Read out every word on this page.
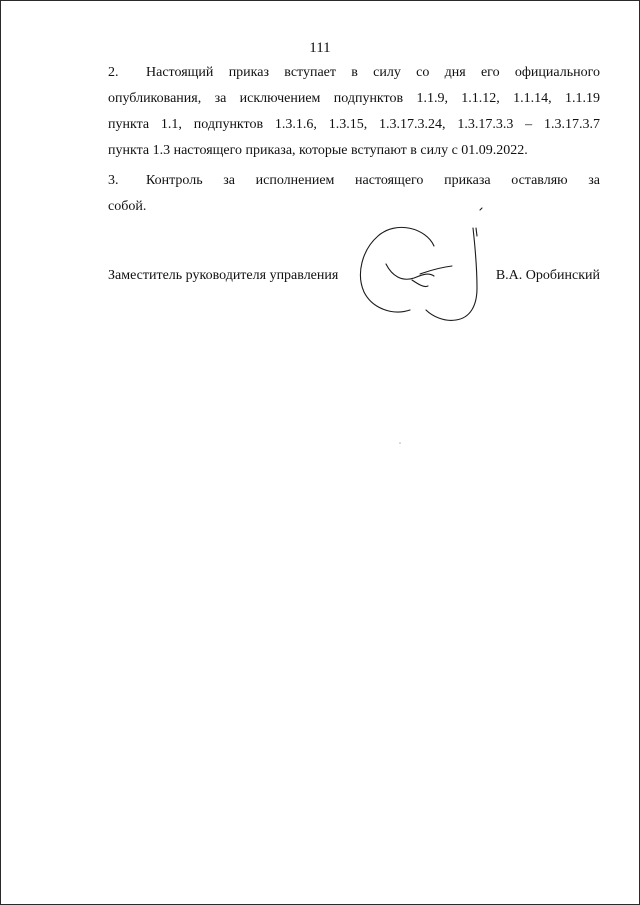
111

2. Настоящий приказ вступает в силу со дня его официального
опубликования, за исключением подпунктов 1.1.9, 1.1.12, 1.1.14, 1.1.19
пункта 1.1, подпунктов 1.3.1.6, 1.3.15, 1.3.17.3.24, 1.3.17.3.3 – 1.3.17.3.7
пункта 1.3 настоящего приказа, которые вступают в силу с 01.09.2022.

3. Контроль за исполнением настоящего приказа оставляю за
собой.

Заместитель руководителя управления	В.А. Оробинский
